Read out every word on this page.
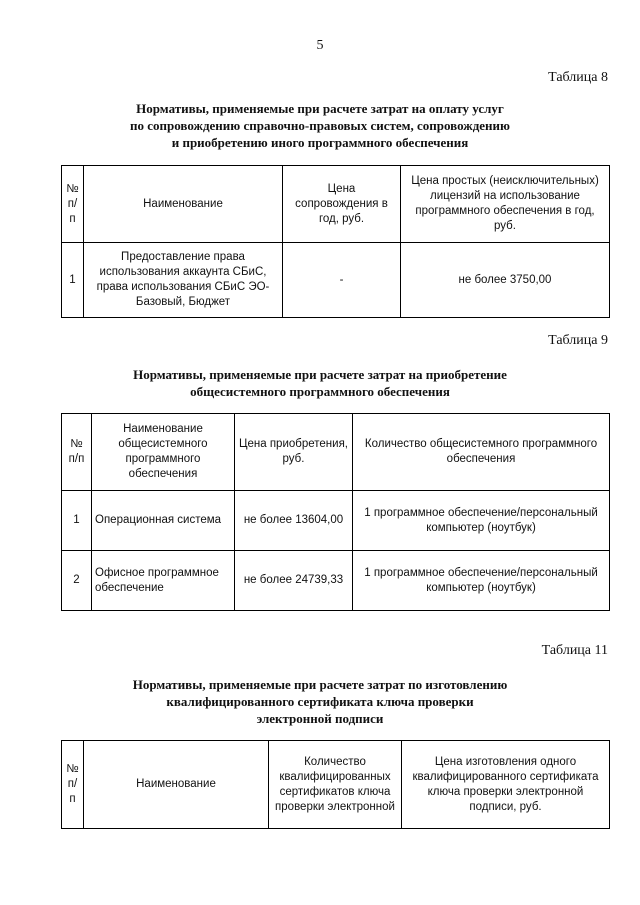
5
Таблица 8
Нормативы, применяемые при расчете затрат на оплату услуг
по сопровождению справочно-правовых систем, сопровождению
и приобретению иного программного обеспечения
№ п/п	Наименование	Цена сопровождения в год, руб.	Цена простых (неисключительных) лицензий на использование программного обеспечения в год, руб.
1	Предоставление права использования аккаунта СБиС, права использования СБиС ЭО-Базовый, Бюджет	-	не более 3750,00
Таблица 9
Нормативы, применяемые при расчете затрат на приобретение
общесистемного программного обеспечения
№ п/п	Наименование общесистемного программного обеспечения	Цена приобретения, руб.	Количество общесистемного программного обеспечения
1	Операционная система	не более 13604,00	1 программное обеспечение/персональный компьютер (ноутбук)
2	Офисное программное обеспечение	не более 24739,33	1 программное обеспечение/персональный компьютер (ноутбук)
Таблица 11
Нормативы, применяемые при расчете затрат по изготовлению
квалифицированного сертификата ключа проверки
электронной подписи
№ п/п	Наименование	Количество квалифицированных сертификатов ключа проверки электронной	Цена изготовления одного квалифицированного сертификата ключа проверки электронной подписи, руб.
